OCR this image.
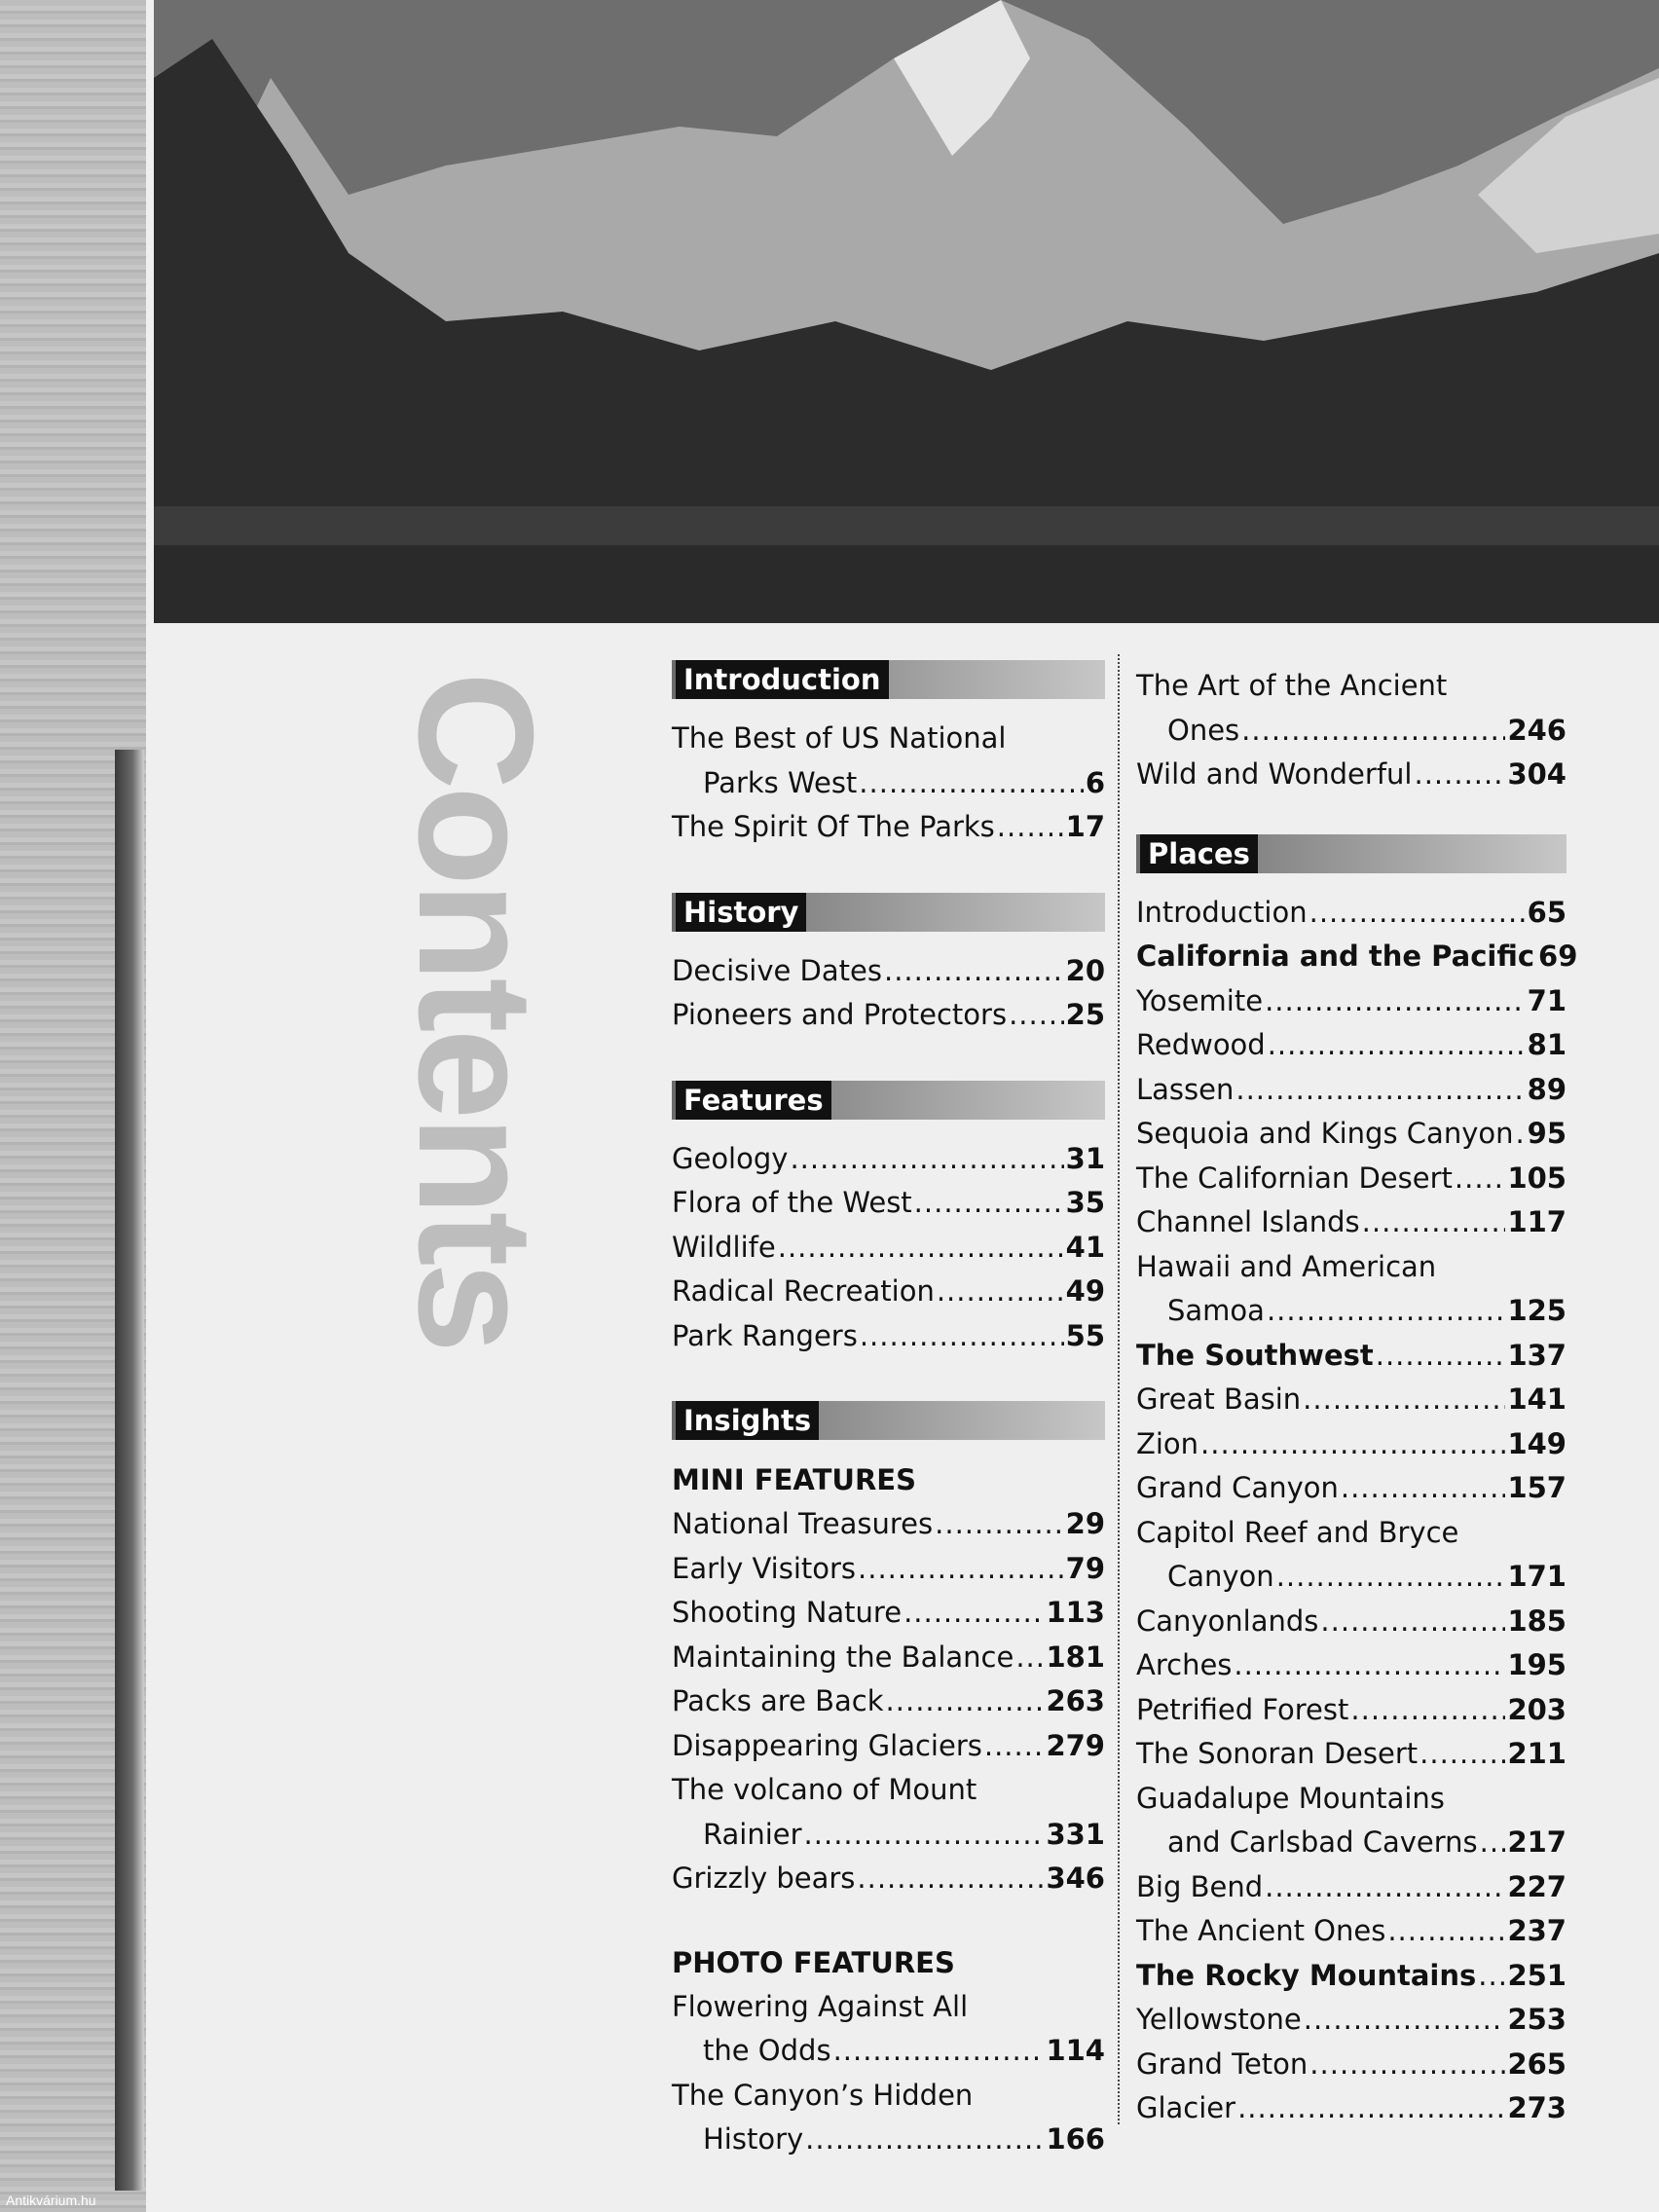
Contents	Introduction
The Best of US National
Parks West .....	6
The Spirit Of The Parks .....	17
History
Decisive Dates .....	20
Pioneers and Protectors ..... 25
Features
Geology .....	31
Flora of the West .....	35
Wildlife .....	41
Radical Recreation .....	49
Park Rangers .....	55
Insights
MINI FEATURES
National Treasures .....	29
Early Visitors .....	79
Shooting Nature .....	113
Maintaining the Balance ..... 181
Packs are Back .....	263
Disappearing Glaciers ..... 279
The volcano of Mount
Rainier .....	331
Grizzly bears .....	346
PHOTO FEATURES
Flowering Against All
the Odds .....	114
The Canyon’s Hidden
History .....	166
The Art of the Ancient
Ones .....	246
Wild and Wonderful .....	304
Places
Introduction .....	65
California and the Pacific 69
Yosemite .....	71
Redwood .....	81
Lassen .....	89
Sequoia and Kings Canyon ..... 95
The Californian Desert ..... 105
Channel Islands .....	117
Hawaii and American
Samoa .....	125
The Southwest .....	137
Great Basin .....	141
Zion .....	149
Grand Canyon .....	157
Capitol Reef and Bryce
Canyon .....	171
Canyonlands .....	185
Arches .....	195
Petrified Forest .....	203
The Sonoran Desert .....	211
Guadalupe Mountains
and Carlsbad Caverns ..... 217
Big Bend .....	227
The Ancient Ones .....	237
The Rocky Mountains ..... 251
Yellowstone .....	253
Grand Teton .....	265
Glacier .....	273
Antikvárium.hu
